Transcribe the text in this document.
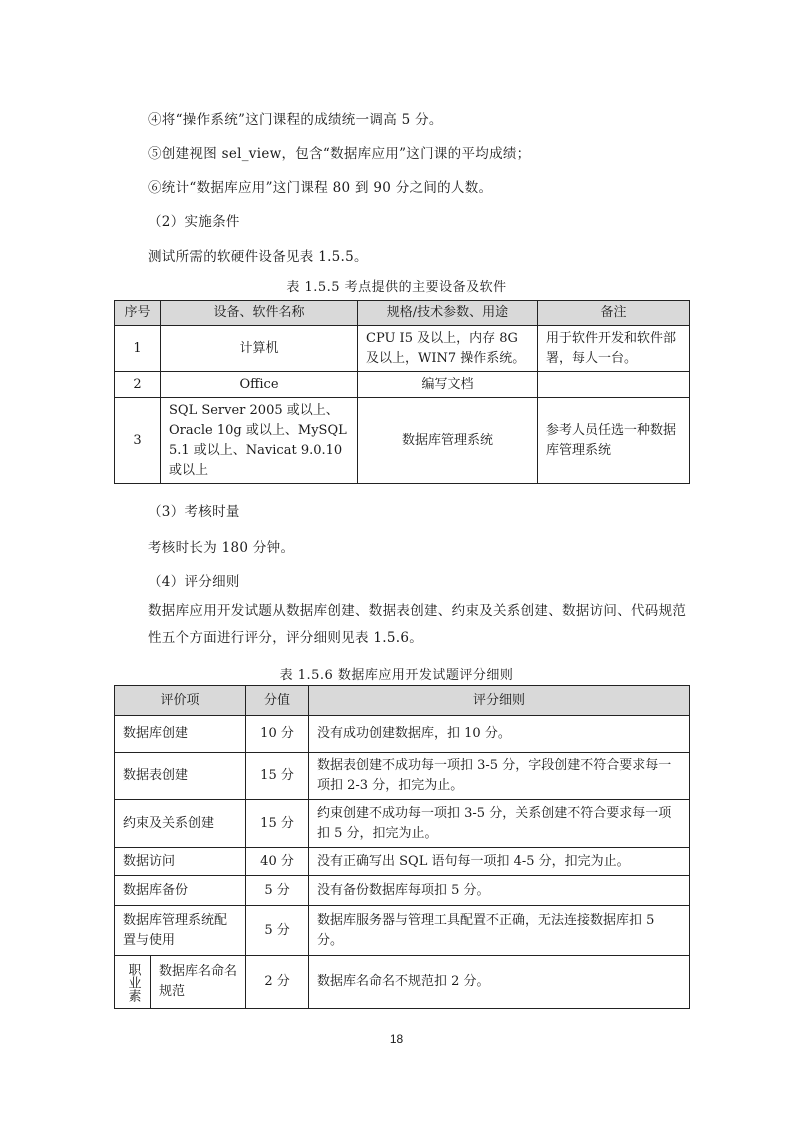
④将“操作系统”这门课程的成绩统一调高 5 分。
⑤创建视图 sel_view，包含“数据库应用”这门课的平均成绩；
⑥统计“数据库应用”这门课程 80 到 90 分之间的人数。
（2）实施条件
测试所需的软硬件设备见表 1.5.5。
表 1.5.5 考点提供的主要设备及软件
序号	设备、软件名称	规格/技术参数、用途	备注
1	计算机	CPU I5 及以上，内存 8G 及以上，WIN7 操作系统。	用于软件开发和软件部署，每人一台。
2	Office	编写文档	
3	SQL Server 2005 或以上、Oracle 10g 或以上、MySQL 5.1 或以上、Navicat 9.0.10 或以上	数据库管理系统	参考人员任选一种数据库管理系统
（3）考核时量
考核时长为 180 分钟。
（4）评分细则
数据库应用开发试题从数据库创建、数据表创建、约束及关系创建、数据访问、代码规范性五个方面进行评分，评分细则见表 1.5.6。
表 1.5.6 数据库应用开发试题评分细则
评价项		分值	评分细则
数据库创建		10 分	没有成功创建数据库，扣 10 分。
数据表创建		15 分	数据表创建不成功每一项扣 3-5 分，字段创建不符合要求每一项扣 2-3 分，扣完为止。
约束及关系创建		15 分	约束创建不成功每一项扣 3-5 分，关系创建不符合要求每一项扣 5 分，扣完为止。
数据访问		40 分	没有正确写出 SQL 语句每一项扣 4-5 分，扣完为止。
数据库备份		5 分	没有备份数据库每项扣 5 分。
数据库管理系统配置与使用		5 分	数据库服务器与管理工具配置不正确，无法连接数据库扣 5 分。

职业素	数据库名命名规范	2 分	数据库名命名不规范扣 2 分。
18
